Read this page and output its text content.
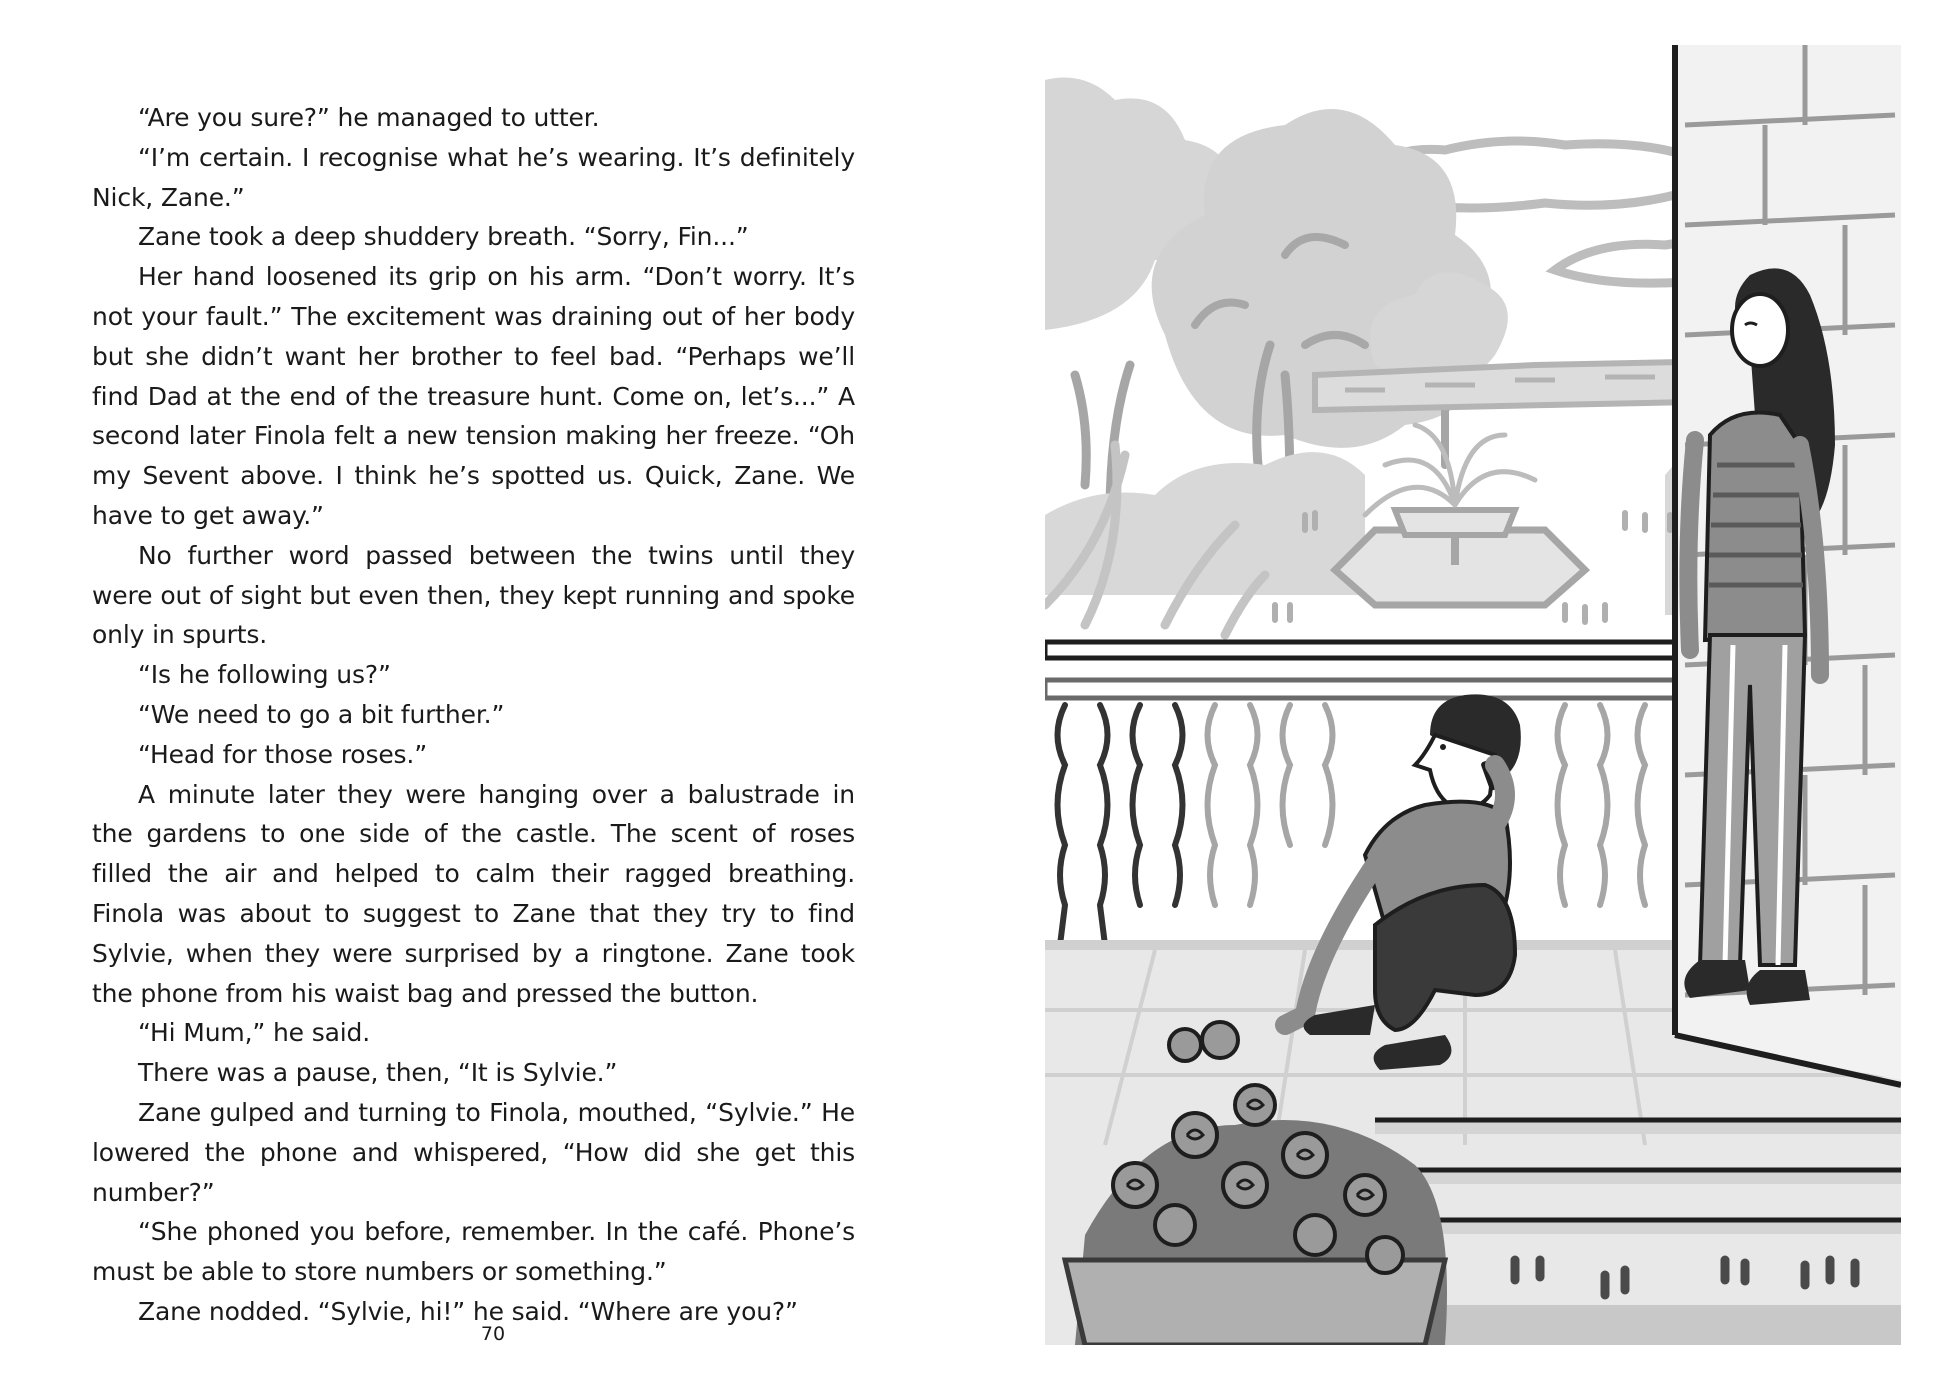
“Are you sure?” he managed to utter.

“I’m certain. I recognise what he’s wearing. It’s definitely Nick, Zane.”

Zane took a deep shuddery breath. “Sorry, Fin...”

Her hand loosened its grip on his arm. “Don’t worry. It’s not your fault.” The excitement was draining out of her body but she didn’t want her brother to feel bad. “Perhaps we’ll find Dad at the end of the treasure hunt. Come on, let’s...” A second later Finola felt a new tension making her freeze. “Oh my Sevent above. I think he’s spotted us. Quick, Zane. We have to get away.”

No further word passed between the twins until they were out of sight but even then, they kept running and spoke only in spurts.

“Is he following us?”

“We need to go a bit further.”

“Head for those roses.”

A minute later they were hanging over a balustrade in the gardens to one side of the castle. The scent of roses filled the air and helped to calm their ragged breathing. Finola was about to suggest to Zane that they try to find Sylvie, when they were surprised by a ringtone. Zane took the phone from his waist bag and pressed the button.

“Hi Mum,” he said.

There was a pause, then, “It is Sylvie.”

Zane gulped and turning to Finola, mouthed, “Sylvie.” He lowered the phone and whispered, “How did she get this number?”

“She phoned you before, remember. In the café. Phone’s must be able to store numbers or something.”

Zane nodded. “Sylvie, hi!” he said. “Where are you?”

70
